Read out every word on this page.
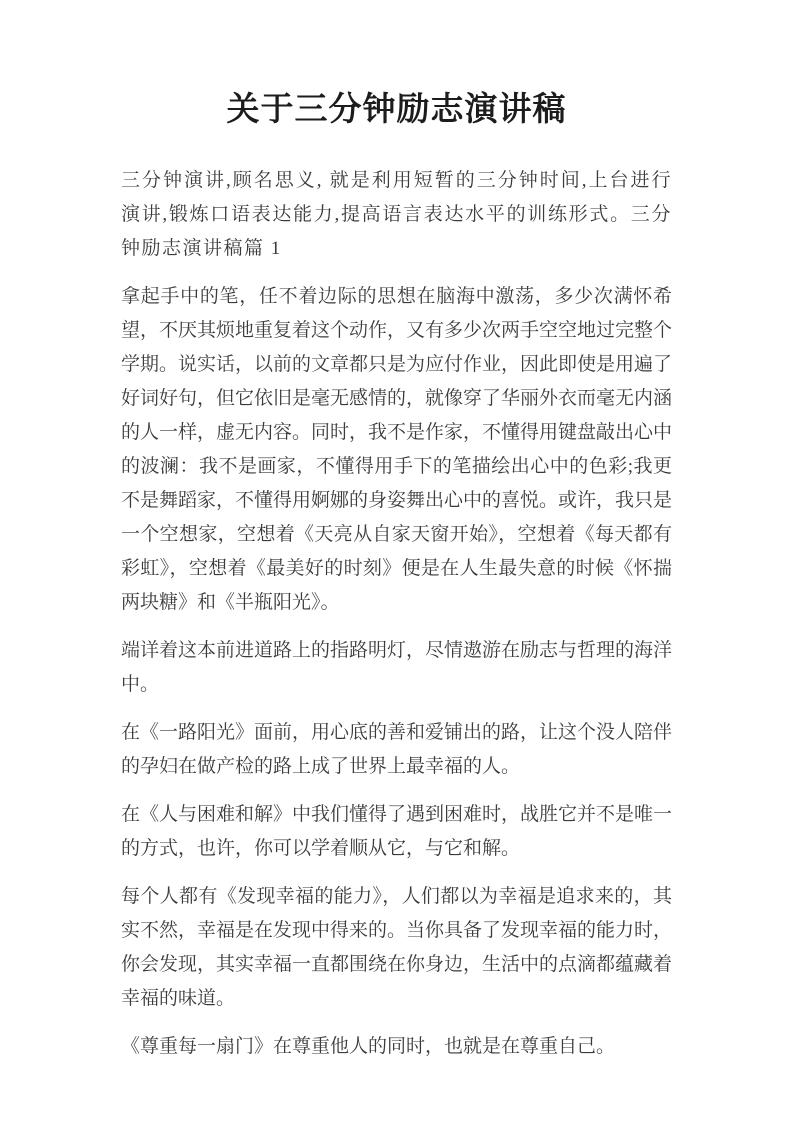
关于三分钟励志演讲稿

三分钟演讲,顾名思义, 就是利用短暂的三分钟时间,上台进行演讲,锻炼口语表达能力,提高语言表达水平的训练形式。三分钟励志演讲稿篇 1

拿起手中的笔，任不着边际的思想在脑海中激荡，多少次满怀希望，不厌其烦地重复着这个动作，又有多少次两手空空地过完整个学期。说实话，以前的文章都只是为应付作业，因此即使是用遍了好词好句，但它依旧是毫无感情的，就像穿了华丽外衣而毫无内涵的人一样，虚无内容。同时，我不是作家，不懂得用键盘敲出心中的波澜：我不是画家，不懂得用手下的笔描绘出心中的色彩;我更不是舞蹈家，不懂得用婀娜的身姿舞出心中的喜悦。或许，我只是一个空想家，空想着《天亮从自家天窗开始》，空想着《每天都有彩虹》，空想着《最美好的时刻》便是在人生最失意的时候《怀揣两块糖》和《半瓶阳光》。

端详着这本前进道路上的指路明灯，尽情遨游在励志与哲理的海洋中。

在《一路阳光》面前，用心底的善和爱铺出的路，让这个没人陪伴的孕妇在做产检的路上成了世界上最幸福的人。

在《人与困难和解》中我们懂得了遇到困难时，战胜它并不是唯一的方式，也许，你可以学着顺从它，与它和解。

每个人都有《发现幸福的能力》，人们都以为幸福是追求来的，其实不然，幸福是在发现中得来的。当你具备了发现幸福的能力时，你会发现，其实幸福一直都围绕在你身边，生活中的点滴都蕴藏着幸福的味道。

《尊重每一扇门》在尊重他人的同时，也就是在尊重自己。
